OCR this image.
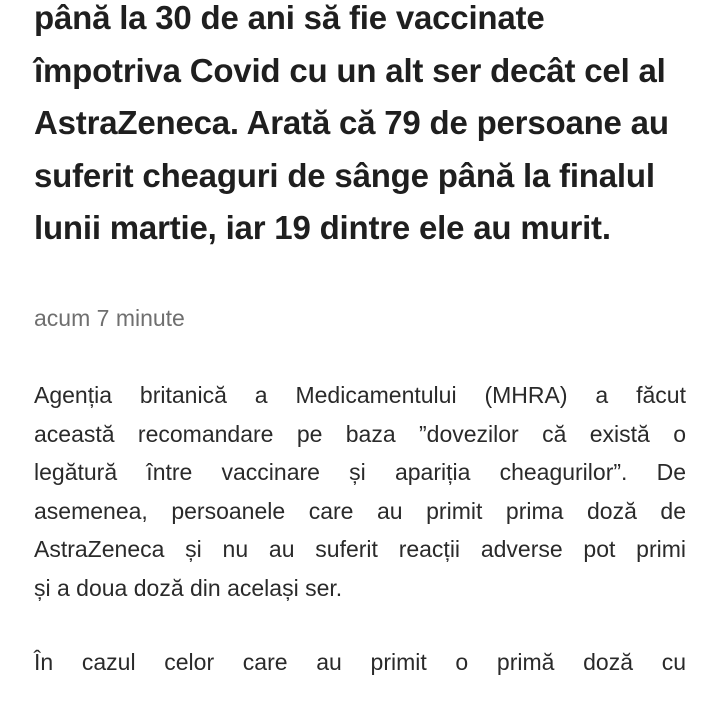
până la 30 de ani să fie vaccinate
împotriva Covid cu un alt ser decât cel al
AstraZeneca. Arată că 79 de persoane au
suferit cheaguri de sânge până la finalul
lunii martie, iar 19 dintre ele au murit.

acum 7 minute

Agenția britanică a Medicamentului (MHRA) a făcut
această recomandare pe baza ”dovezilor că există o
legătură între vaccinare și apariția cheagurilor”. De
asemenea, persoanele care au primit prima doză de
AstraZeneca și nu au suferit reacții adverse pot primi
și a doua doză din același ser.

În cazul celor care au primit o primă doză cu
